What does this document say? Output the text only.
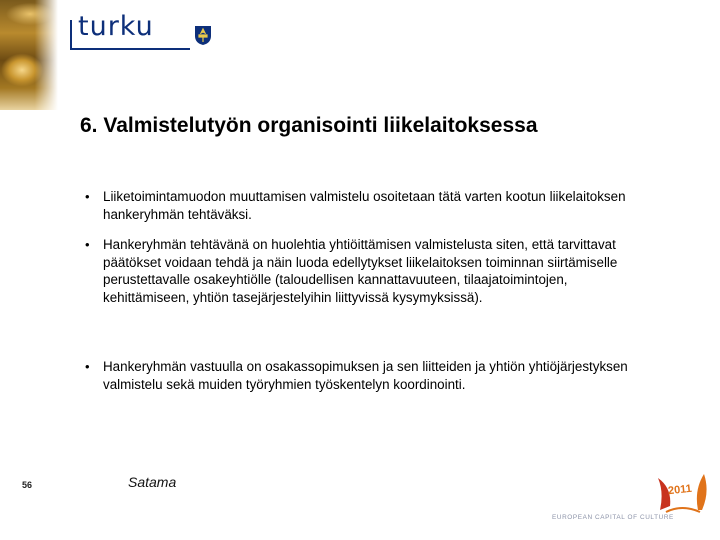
turku
6. Valmistelutyön organisointi liikelaitoksessa
•	Liiketoimintamuodon muuttamisen valmistelu osoitetaan tätä varten kootun liikelaitoksen hankeryhmän tehtäväksi.
•	Hankeryhmän tehtävänä on huolehtia yhtiöittämisen valmistelusta siten, että tarvittavat päätökset voidaan tehdä ja näin luoda edellytykset liikelaitoksen toiminnan siirtämiselle perustettavalle osakeyhtiölle (taloudellisen kannattavuuteen, tilaajatoimintojen, kehittämiseen, yhtiön tasejärjestelyihin liittyvissä kysymyksissä).
•	Hankeryhmän vastuulla on osakassopimuksen ja sen liitteiden ja yhtiön yhtiöjärjestyksen valmistelu sekä muiden työryhmien työskentelyn koordinointi.
56	Satama	2011
EUROPEAN CAPITAL OF CULTURE
